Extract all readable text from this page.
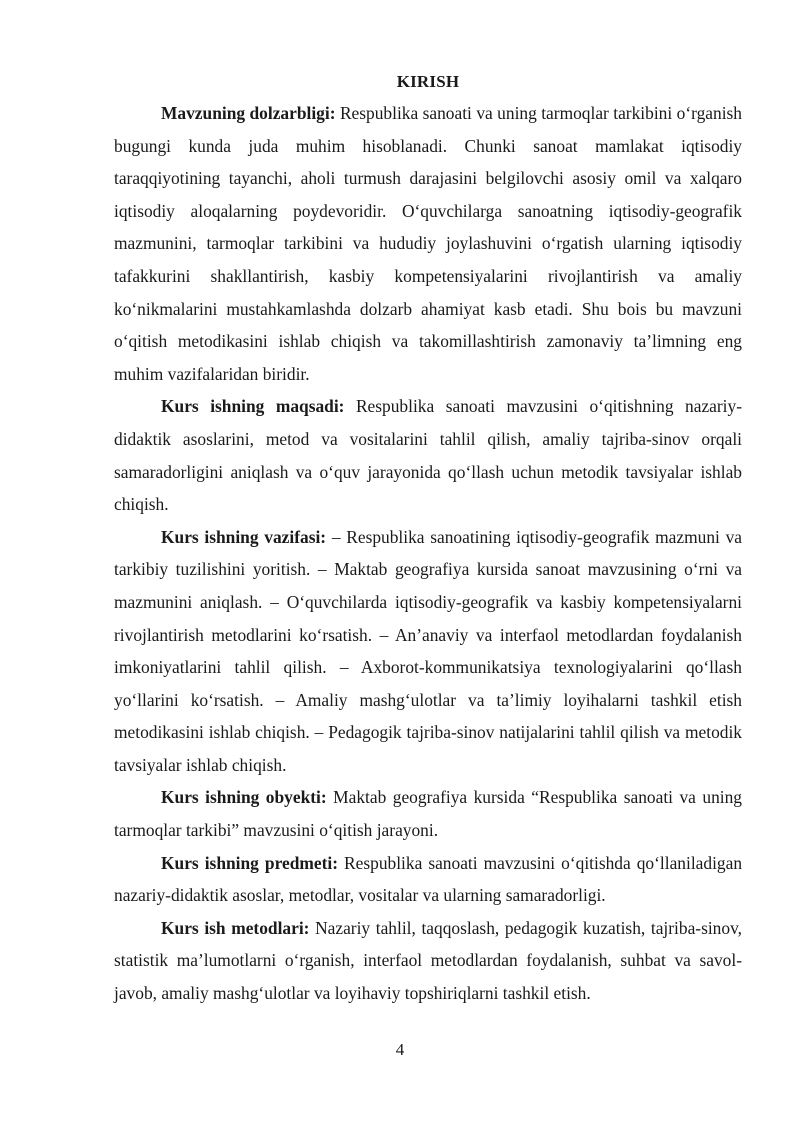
KIRISH

Mavzuning dolzarbligi: Respublika sanoati va uning tarmoqlar tarkibini o‘rganish bugungi kunda juda muhim hisoblanadi. Chunki sanoat mamlakat iqtisodiy taraqqiyotining tayanchi, aholi turmush darajasini belgilovchi asosiy omil va xalqaro iqtisodiy aloqalarning poydevoridir. O‘quvchilarga sanoatning iqtisodiy-geografik mazmunini, tarmoqlar tarkibini va hududiy joylashuvini o‘rgatish ularning iqtisodiy tafakkurini shakllantirish, kasbiy kompetensiyalarini rivojlantirish va amaliy ko‘nikmalarini mustahkamlashda dolzarb ahamiyat kasb etadi. Shu bois bu mavzuni o‘qitish metodikasini ishlab chiqish va takomillashtirish zamonaviy ta’limning eng muhim vazifalaridan biridir.

Kurs ishning maqsadi: Respublika sanoati mavzusini o‘qitishning nazariy-didaktik asoslarini, metod va vositalarini tahlil qilish, amaliy tajriba-sinov orqali samaradorligini aniqlash va o‘quv jarayonida qo‘llash uchun metodik tavsiyalar ishlab chiqish.

Kurs ishning vazifasi: – Respublika sanoatining iqtisodiy-geografik mazmuni va tarkibiy tuzilishini yoritish. – Maktab geografiya kursida sanoat mavzusining o‘rni va mazmunini aniqlash. – O‘quvchilarda iqtisodiy-geografik va kasbiy kompetensiyalarni rivojlantirish metodlarini ko‘rsatish. – An’anaviy va interfaol metodlardan foydalanish imkoniyatlarini tahlil qilish. – Axborot-kommunikatsiya texnologiyalarini qo‘llash yo‘llarini ko‘rsatish. – Amaliy mashg‘ulotlar va ta’limiy loyihalarni tashkil etish metodikasini ishlab chiqish. – Pedagogik tajriba-sinov natijalarini tahlil qilish va metodik tavsiyalar ishlab chiqish.

Kurs ishning obyekti: Maktab geografiya kursida “Respublika sanoati va uning tarmoqlar tarkibi” mavzusini o‘qitish jarayoni.

Kurs ishning predmeti: Respublika sanoati mavzusini o‘qitishda qo‘llaniladigan nazariy-didaktik asoslar, metodlar, vositalar va ularning samaradorligi.

Kurs ish metodlari: Nazariy tahlil, taqqoslash, pedagogik kuzatish, tajriba-sinov, statistik ma’lumotlarni o‘rganish, interfaol metodlardan foydalanish, suhbat va savol-javob, amaliy mashg‘ulotlar va loyihaviy topshiriqlarni tashkil etish.

4
